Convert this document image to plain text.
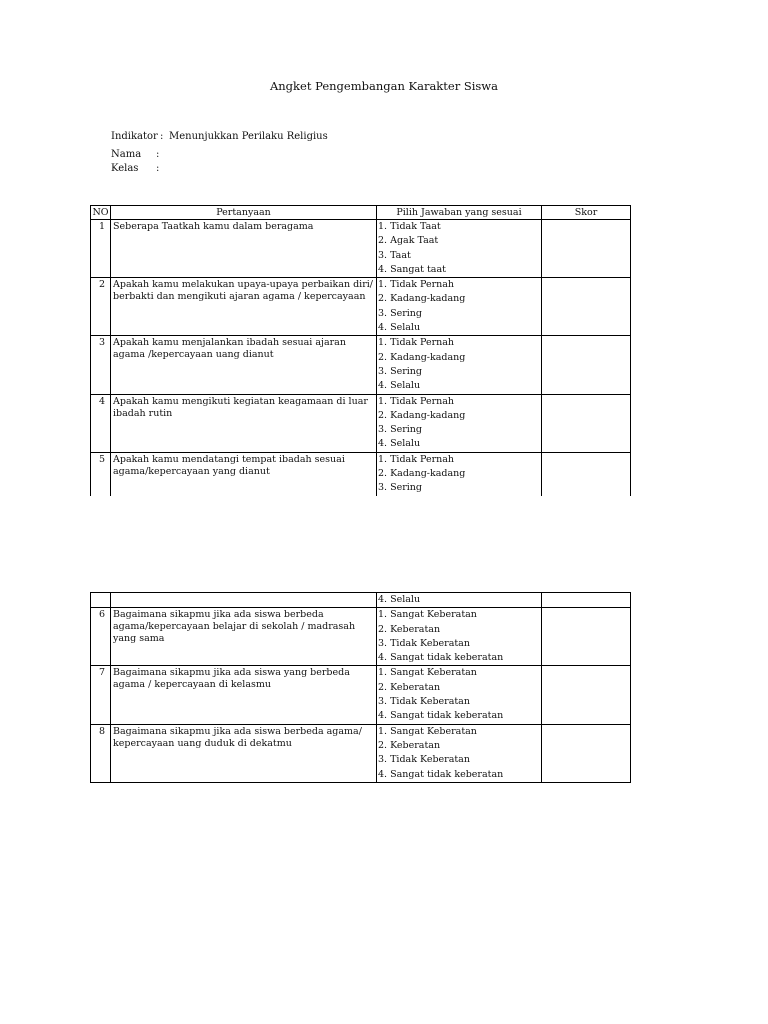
Angket Pengembangan Karakter Siswa
Indikator : Menunjukkan Perilaku Religius
Nama :
Kelas :
NO	Pertanyaan	Pilih Jawaban yang sesuai	Skor
1	Seberapa Taatkah kamu dalam beragama	1. Tidak Taat
2. Agak Taat
3. Taat
4. Sangat taat	

2	Apakah kamu melakukan upaya-upaya perbaikan diri/ berbakti dan mengikuti ajaran agama / kepercayaan	1. Tidak Pernah
2. Kadang-kadang
3. Sering
4. Selalu	

3	Apakah kamu menjalankan ibadah sesuai ajaran agama /kepercayaan uang dianut	1. Tidak Pernah
2. Kadang-kadang
3. Sering
4. Selalu	

4	Apakah kamu mengikuti kegiatan keagamaan di luar ibadah rutin	1. Tidak Pernah
2. Kadang-kadang
3. Sering
4. Selalu	

5	Apakah kamu mendatangi tempat ibadah sesuai agama/kepercayaan yang dianut	1. Tidak Pernah
2. Kadang-kadang
3. Sering	

		4. Selalu	

6	Bagaimana sikapmu jika ada siswa berbeda agama/kepercayaan belajar di sekolah / madrasah yang sama	1. Sangat Keberatan
2. Keberatan
3. Tidak Keberatan
4. Sangat tidak keberatan	

7	Bagaimana sikapmu jika ada siswa yang berbeda agama / kepercayaan di kelasmu	1. Sangat Keberatan
2. Keberatan
3. Tidak Keberatan
4. Sangat tidak keberatan	

8	Bagaimana sikapmu jika ada siswa berbeda agama/ kepercayaan uang duduk di dekatmu	1. Sangat Keberatan
2. Keberatan
3. Tidak Keberatan
4. Sangat tidak keberatan	
